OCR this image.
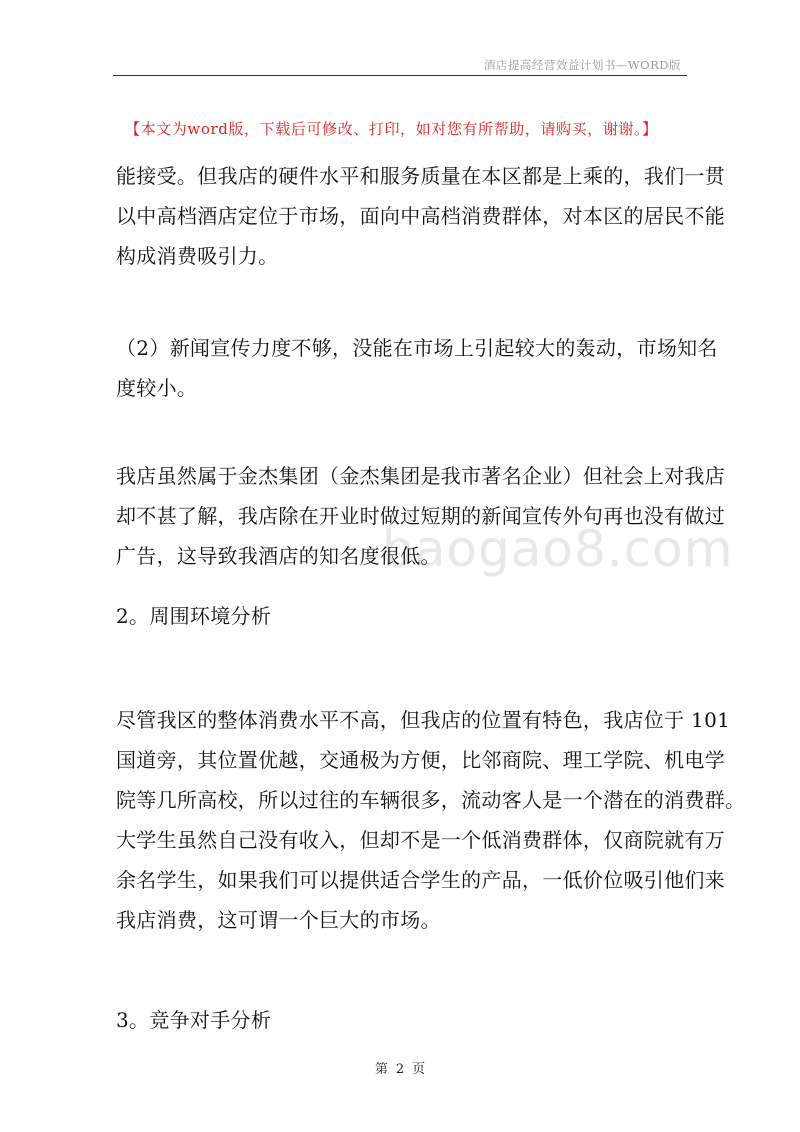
酒店提高经营效益计划书—WORD版
【本文为word版，下载后可修改、打印，如对您有所帮助，请购买，谢谢。】
baogao8.com

能接受。但我店的硬件水平和服务质量在本区都是上乘的，我们一贯
以中高档酒店定位于市场，面向中高档消费群体，对本区的居民不能
构成消费吸引力。

（2）新闻宣传力度不够，没能在市场上引起较大的轰动，市场知名
度较小。

我店虽然属于金杰集团（金杰集团是我市著名企业）但社会上对我店
却不甚了解，我店除在开业时做过短期的新闻宣传外句再也没有做过
广告，这导致我酒店的知名度很低。

2。周围环境分析

尽管我区的整体消费水平不高，但我店的位置有特色，我店位于 101
国道旁，其位置优越，交通极为方便，比邻商院、理工学院、机电学
院等几所高校，所以过往的车辆很多，流动客人是一个潜在的消费群。
大学生虽然自己没有收入，但却不是一个低消费群体，仅商院就有万
余名学生，如果我们可以提供适合学生的产品，一低价位吸引他们来
我店消费，这可谓一个巨大的市场。

3。竞争对手分析

第 2 页
